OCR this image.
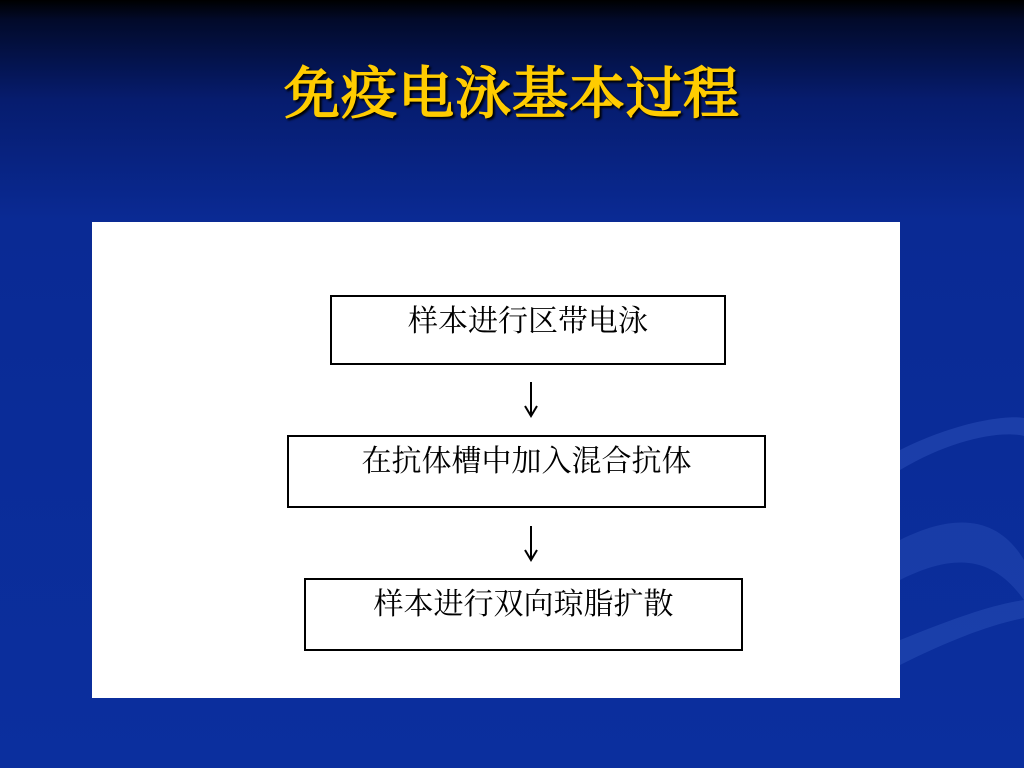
免疫电泳基本过程
样本进行区带电泳
在抗体槽中加入混合抗体
样本进行双向琼脂扩散
